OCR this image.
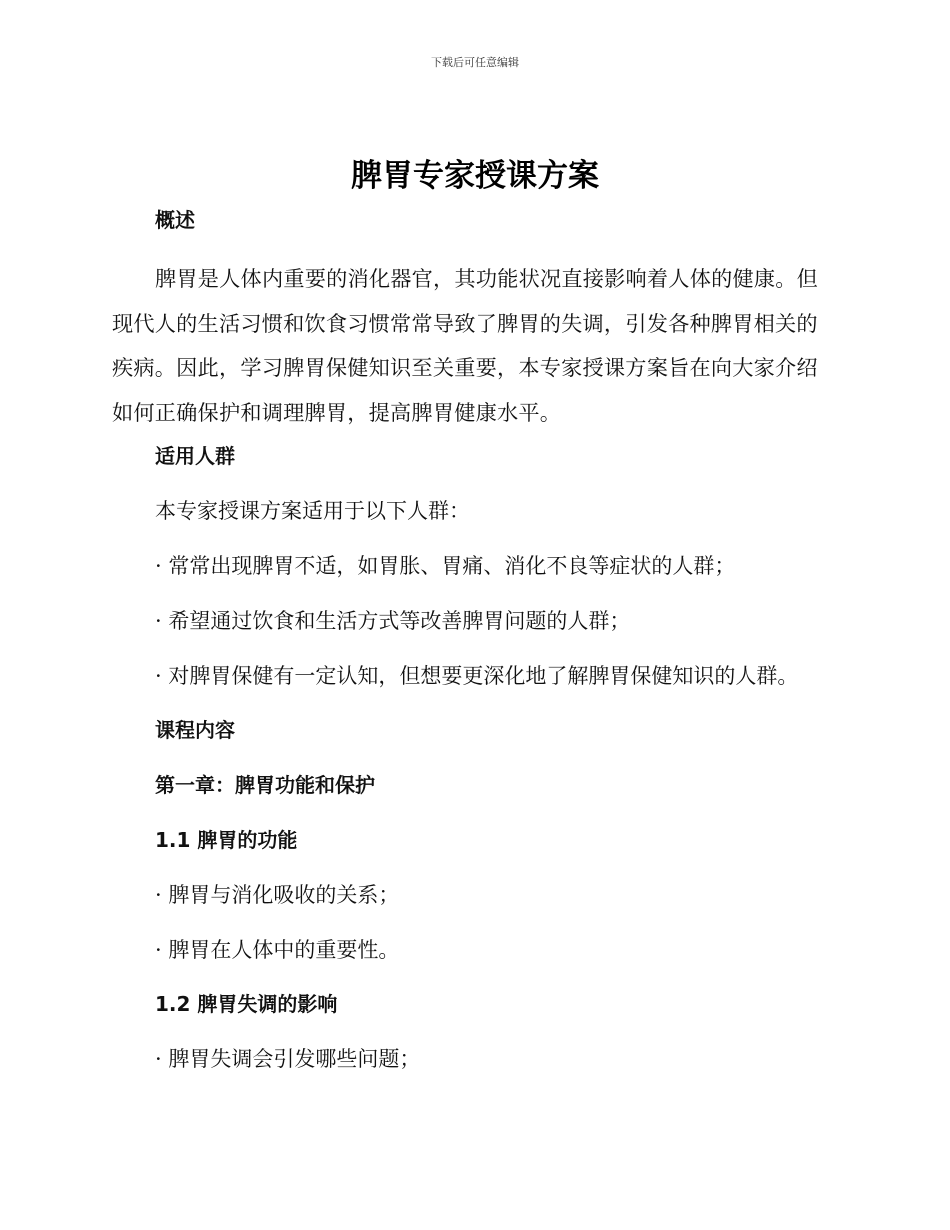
下载后可任意编辑
脾胃专家授课方案
概述

脾胃是人体内重要的消化器官，其功能状况直接影响着人体的健康。但现代人的生活习惯和饮食习惯常常导致了脾胃的失调，引发各种脾胃相关的疾病。因此，学习脾胃保健知识至关重要，本专家授课方案旨在向大家介绍如何正确保护和调理脾胃，提高脾胃健康水平。

适用人群
本专家授课方案适用于以下人群：
· 常常出现脾胃不适，如胃胀、胃痛、消化不良等症状的人群；
· 希望通过饮食和生活方式等改善脾胃问题的人群；
· 对脾胃保健有一定认知，但想要更深化地了解脾胃保健知识的人群。
课程内容
第一章：脾胃功能和保护
1.1 脾胃的功能
· 脾胃与消化吸收的关系；
· 脾胃在人体中的重要性。
1.2 脾胃失调的影响
· 脾胃失调会引发哪些问题；
